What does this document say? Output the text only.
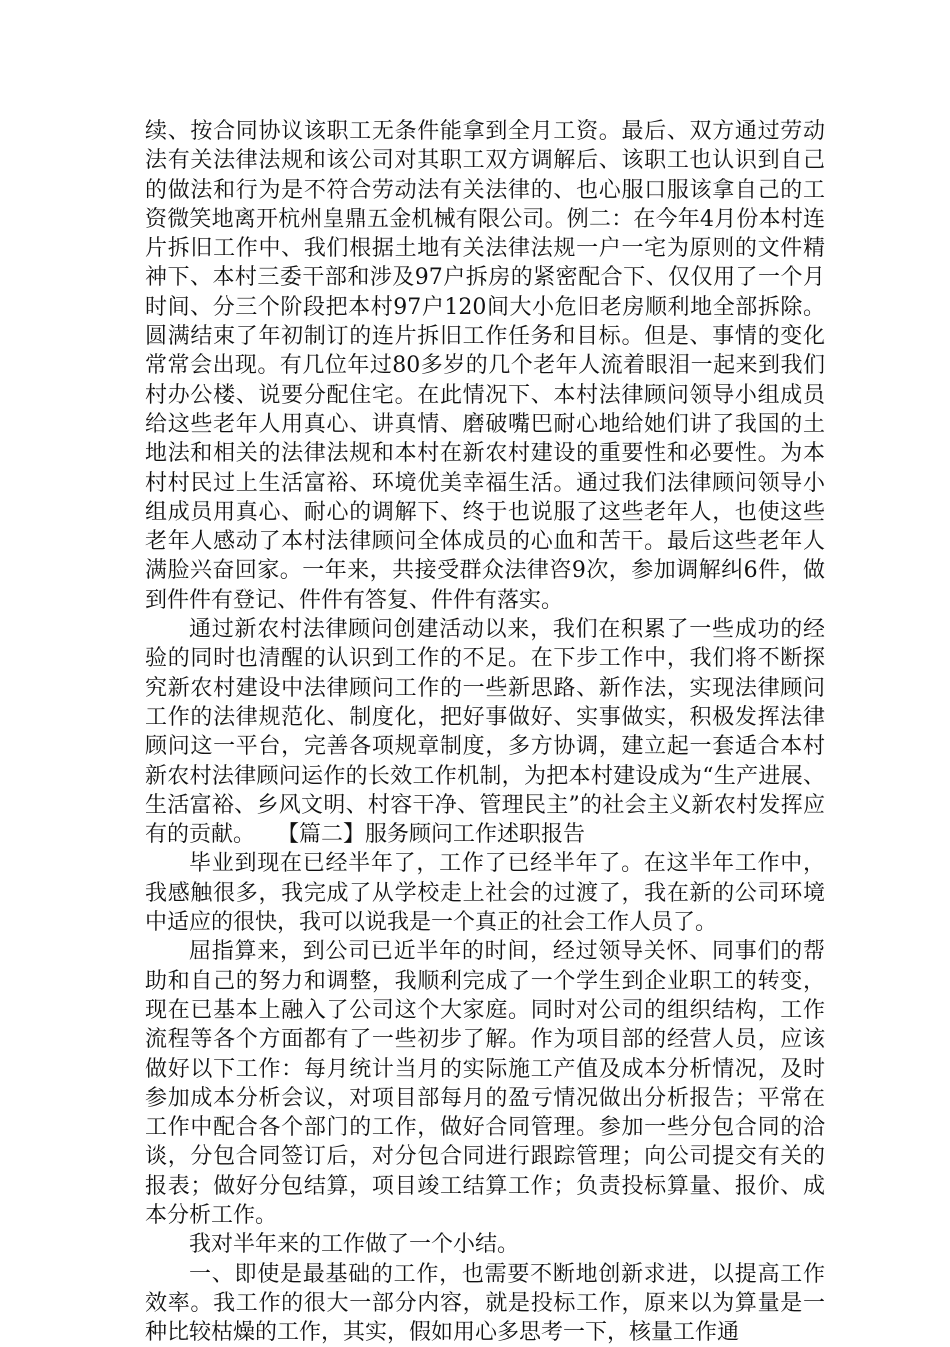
续、按合同协议该职工无条件能拿到全月工资。最后、双方通过劳动法有关法律法规和该公司对其职工双方调解后、该职工也认识到自己的做法和行为是不符合劳动法有关法律的、也心服口服该拿自己的工资微笑地离开杭州皇鼎五金机械有限公司。例二：在今年4月份本村连片拆旧工作中、我们根据土地有关法律法规一户一宅为原则的文件精神下、本村三委干部和涉及97户拆房的紧密配合下、仅仅用了一个月时间、分三个阶段把本村97户120间大小危旧老房顺利地全部拆除。圆满结束了年初制订的连片拆旧工作任务和目标。但是、事情的变化常常会出现。有几位年过80多岁的几个老年人流着眼泪一起来到我们村办公楼、说要分配住宅。在此情况下、本村法律顾问领导小组成员给这些老年人用真心、讲真情、磨破嘴巴耐心地给她们讲了我国的土地法和相关的法律法规和本村在新农村建设的重要性和必要性。为本村村民过上生活富裕、环境优美幸福生活。通过我们法律顾问领导小组成员用真心、耐心的调解下、终于也说服了这些老年人，也使这些老年人感动了本村法律顾问全体成员的心血和苦干。最后这些老年人满脸兴奋回家。一年来，共接受群众法律咨9次，参加调解纠6件，做到件件有登记、件件有答复、件件有落实。

通过新农村法律顾问创建活动以来，我们在积累了一些成功的经验的同时也清醒的认识到工作的不足。在下步工作中，我们将不断探究新农村建设中法律顾问工作的一些新思路、新作法，实现法律顾问工作的法律规范化、制度化，把好事做好、实事做实，积极发挥法律顾问这一平台，完善各项规章制度，多方协调，建立起一套适合本村新农村法律顾问运作的长效工作机制，为把本村建设成为“生产进展、生活富裕、乡风文明、村容干净、管理民主”的社会主义新农村发挥应有的贡献。　　【篇二】服务顾问工作述职报告

毕业到现在已经半年了，工作了已经半年了。在这半年工作中，我感触很多，我完成了从学校走上社会的过渡了，我在新的公司环境中适应的很快，我可以说我是一个真正的社会工作人员了。

屈指算来，到公司已近半年的时间，经过领导关怀、同事们的帮助和自己的努力和调整，我顺利完成了一个学生到企业职工的转变，现在已基本上融入了公司这个大家庭。同时对公司的组织结构，工作流程等各个方面都有了一些初步了解。作为项目部的经营人员，应该做好以下工作：每月统计当月的实际施工产值及成本分析情况，及时参加成本分析会议，对项目部每月的盈亏情况做出分析报告；平常在工作中配合各个部门的工作，做好合同管理。参加一些分包合同的洽谈，分包合同签订后，对分包合同进行跟踪管理；向公司提交有关的报表；做好分包结算，项目竣工结算工作；负责投标算量、报价、成本分析工作。

我对半年来的工作做了一个小结。

一、即使是最基础的工作，也需要不断地创新求进，以提高工作效率。我工作的很大一部分内容，就是投标工作，原来以为算量是一种比较枯燥的工作，其实，假如用心多思考一下，核量工作通
